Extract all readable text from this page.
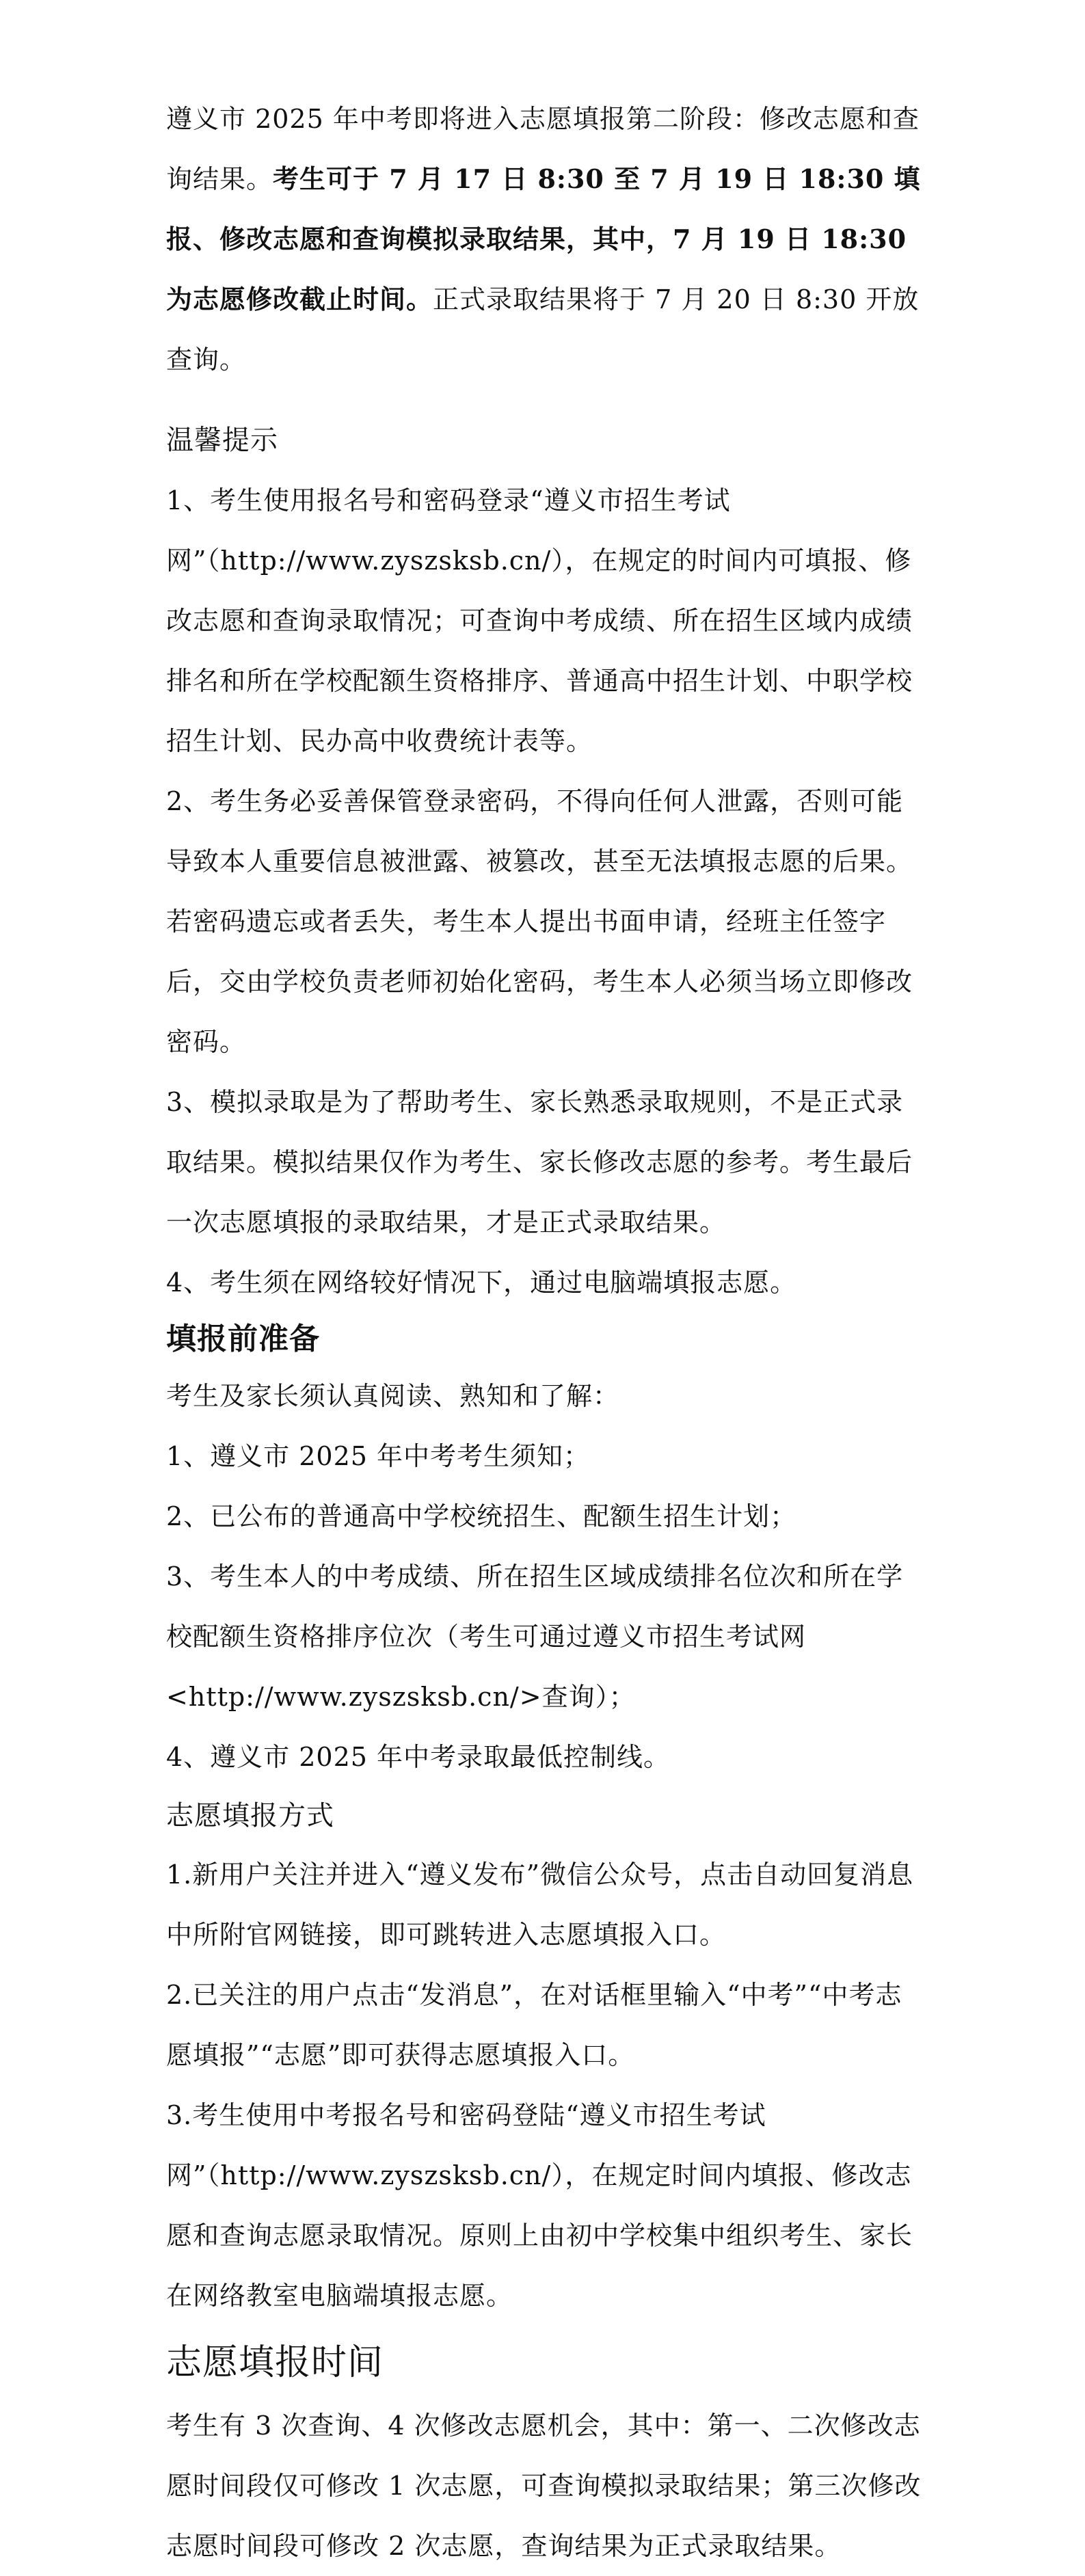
遵义市 2025 年中考即将进入志愿填报第二阶段：修改志愿和查询结果。考生可于 7 月 17 日 8:30 至 7 月 19 日 18:30 填报、修改志愿和查询模拟录取结果，其中，7 月 19 日 18:30 为志愿修改截止时间。正式录取结果将于 7 月 20 日 8:30 开放查询。

温馨提示

1、考生使用报名号和密码登录“遵义市招生考试网”（http://www.zyszsksb.cn/），在规定的时间内可填报、修改志愿和查询录取情况；可查询中考成绩、所在招生区域内成绩排名和所在学校配额生资格排序、普通高中招生计划、中职学校招生计划、民办高中收费统计表等。

2、考生务必妥善保管登录密码，不得向任何人泄露，否则可能导致本人重要信息被泄露、被篡改，甚至无法填报志愿的后果。若密码遗忘或者丢失，考生本人提出书面申请，经班主任签字后，交由学校负责老师初始化密码，考生本人必须当场立即修改密码。

3、模拟录取是为了帮助考生、家长熟悉录取规则，不是正式录取结果。模拟结果仅作为考生、家长修改志愿的参考。考生最后一次志愿填报的录取结果，才是正式录取结果。

4、考生须在网络较好情况下，通过电脑端填报志愿。

填报前准备

考生及家长须认真阅读、熟知和了解：

1、遵义市 2025 年中考考生须知；

2、已公布的普通高中学校统招生、配额生招生计划；

3、考生本人的中考成绩、所在招生区域成绩排名位次和所在学校配额生资格排序位次（考生可通过遵义市招生考试网<http://www.zyszsksb.cn/>查询）；

4、遵义市 2025 年中考录取最低控制线。

志愿填报方式

1.新用户关注并进入“遵义发布”微信公众号，点击自动回复消息中所附官网链接，即可跳转进入志愿填报入口。

2.已关注的用户点击“发消息”，在对话框里输入“中考”“中考志愿填报”“志愿”即可获得志愿填报入口。

3.考生使用中考报名号和密码登陆“遵义市招生考试网”（http://www.zyszsksb.cn/），在规定时间内填报、修改志愿和查询志愿录取情况。原则上由初中学校集中组织考生、家长在网络教室电脑端填报志愿。

志愿填报时间

考生有 3 次查询、4 次修改志愿机会，其中：第一、二次修改志愿时间段仅可修改 1 次志愿，可查询模拟录取结果；第三次修改志愿时间段可修改 2 次志愿，查询结果为正式录取结果。
